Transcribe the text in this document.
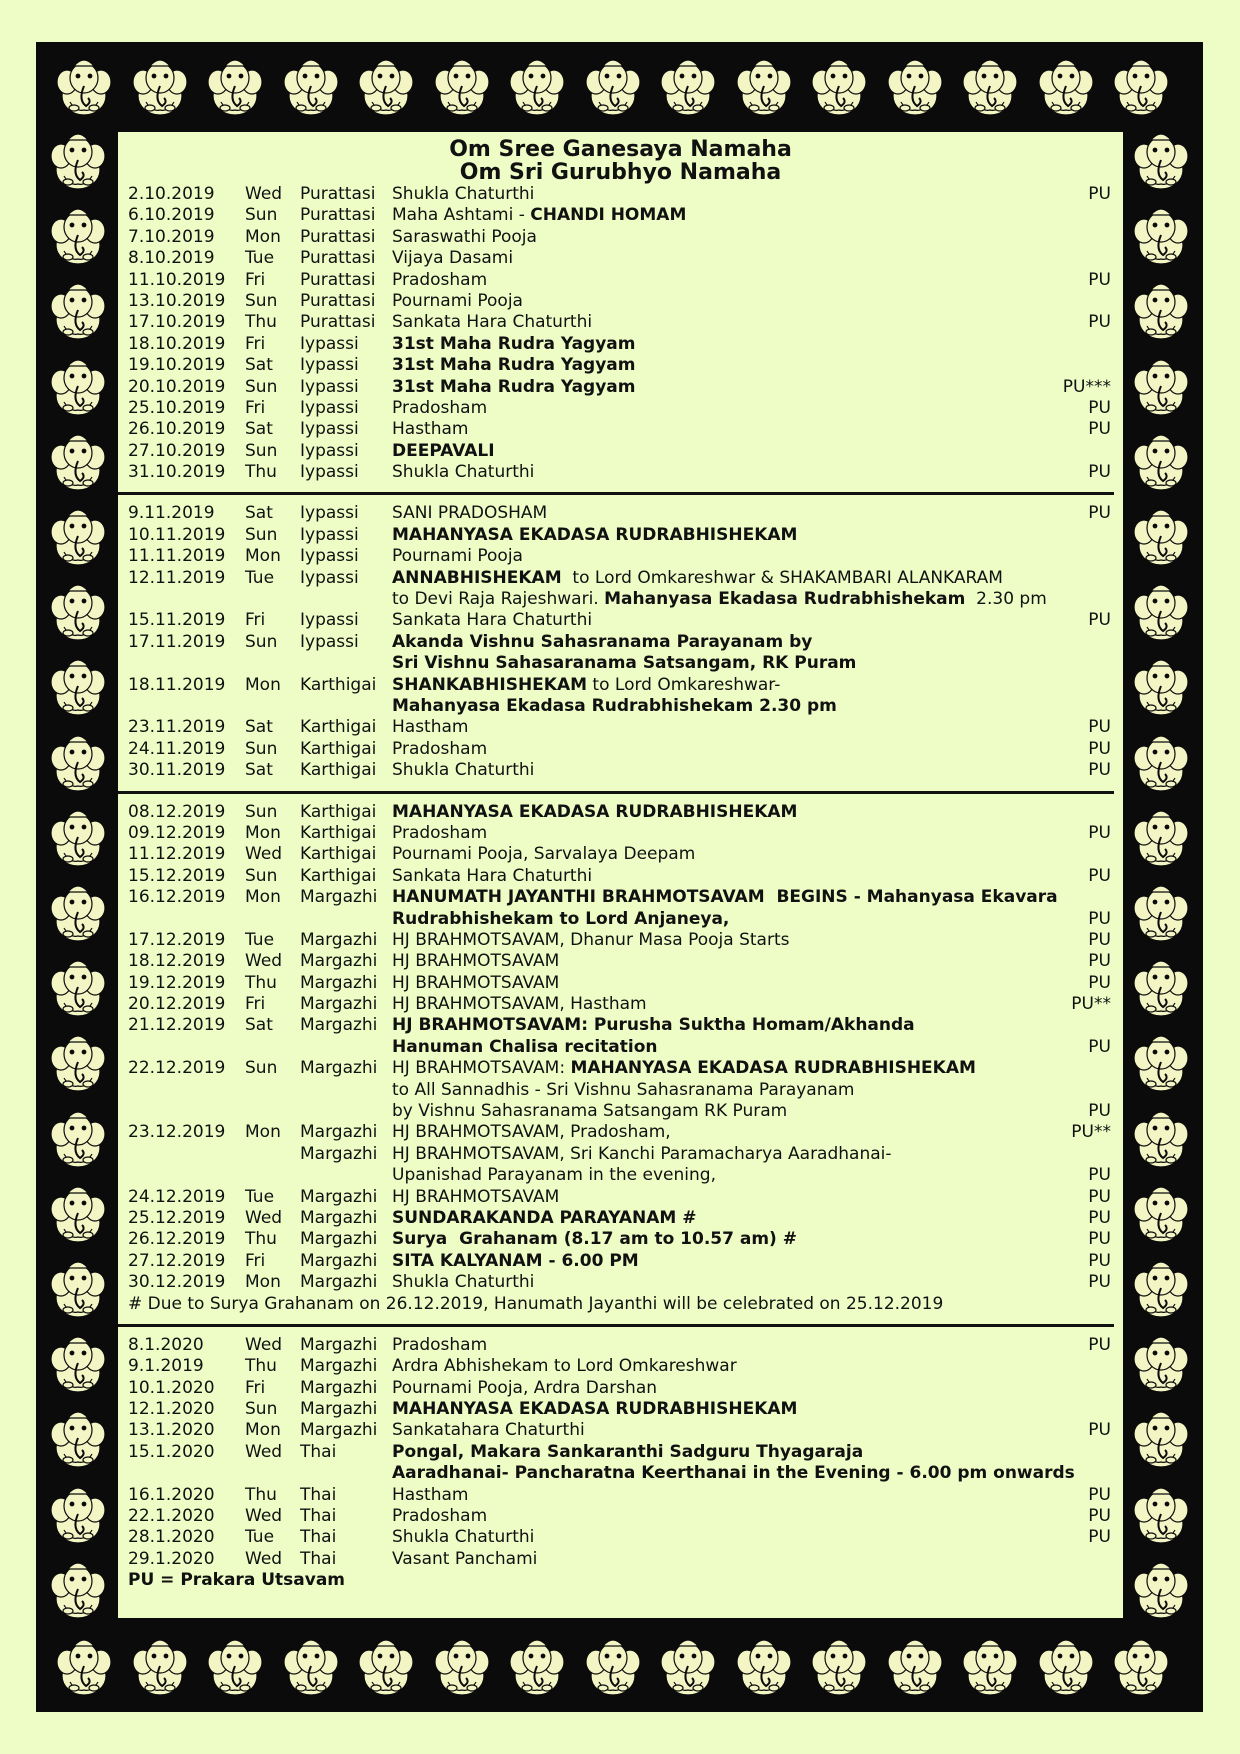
Om Sree Ganesaya Namaha
Om Sri Gurubhyo Namaha
2.10.2019 Wed Purattasi Shukla Chaturthi	PU
6.10.2019 Sun Purattasi Maha Ashtami - CHANDI HOMAM
7.10.2019 Mon Purattasi Saraswathi Pooja
8.10.2019 Tue Purattasi Vijaya Dasami
11.10.2019 Fri Purattasi Pradosham	PU
13.10.2019 Sun Purattasi Pournami Pooja
17.10.2019 Thu Purattasi Sankata Hara Chaturthi	PU
18.10.2019 Fri Iypassi 31st Maha Rudra Yagyam
19.10.2019 Sat Iypassi 31st Maha Rudra Yagyam
20.10.2019 Sun Iypassi 31st Maha Rudra Yagyam	PU***
25.10.2019 Fri Iypassi Pradosham	PU
26.10.2019 Sat Iypassi Hastham	PU
27.10.2019 Sun Iypassi DEEPAVALI
31.10.2019 Thu Iypassi Shukla Chaturthi	PU
9.11.2019 Sat Iypassi SANI PRADOSHAM	PU
10.11.2019 Sun Iypassi MAHANYASA EKADASA RUDRABHISHEKAM
11.11.2019 Mon Iypassi Pournami Pooja
12.11.2019 Tue Iypassi ANNABHISHEKAM  to Lord Omkareshwar & SHAKAMBARI ALANKARAM
to Devi Raja Rajeshwari. Mahanyasa Ekadasa Rudrabhishekam  2.30 pm
15.11.2019 Fri Iypassi Sankata Hara Chaturthi	PU
17.11.2019 Sun Iypassi Akanda Vishnu Sahasranama Parayanam by
Sri Vishnu Sahasaranama Satsangam, RK Puram
18.11.2019 Mon Karthigai SHANKABHISHEKAM to Lord Omkareshwar-
Mahanyasa Ekadasa Rudrabhishekam 2.30 pm
23.11.2019 Sat Karthigai Hastham	PU
24.11.2019 Sun Karthigai Pradosham	PU
30.11.2019 Sat Karthigai Shukla Chaturthi	PU
08.12.2019 Sun Karthigai MAHANYASA EKADASA RUDRABHISHEKAM
09.12.2019 Mon Karthigai Pradosham	PU
11.12.2019 Wed Karthigai Pournami Pooja, Sarvalaya Deepam
15.12.2019 Sun Karthigai Sankata Hara Chaturthi	PU
16.12.2019 Mon Margazhi HANUMATH JAYANTHI BRAHMOTSAVAM  BEGINS - Mahanyasa Ekavara
Rudrabhishekam to Lord Anjaneya,	PU
17.12.2019 Tue Margazhi HJ BRAHMOTSAVAM, Dhanur Masa Pooja Starts	PU
18.12.2019 Wed Margazhi HJ BRAHMOTSAVAM	PU
19.12.2019 Thu Margazhi HJ BRAHMOTSAVAM	PU
20.12.2019 Fri Margazhi HJ BRAHMOTSAVAM, Hastham	PU**
21.12.2019 Sat Margazhi HJ BRAHMOTSAVAM: Purusha Suktha Homam/Akhanda
Hanuman Chalisa recitation	PU
22.12.2019 Sun Margazhi HJ BRAHMOTSAVAM: MAHANYASA EKADASA RUDRABHISHEKAM
to All Sannadhis - Sri Vishnu Sahasranama Parayanam
by Vishnu Sahasranama Satsangam RK Puram	PU
23.12.2019 Mon Margazhi HJ BRAHMOTSAVAM, Pradosham,	PU**
Margazhi HJ BRAHMOTSAVAM, Sri Kanchi Paramacharya Aaradhanai-
Upanishad Parayanam in the evening,	PU
24.12.2019 Tue Margazhi HJ BRAHMOTSAVAM	PU
25.12.2019 Wed Margazhi SUNDARAKANDA PARAYANAM #	PU
26.12.2019 Thu Margazhi Surya  Grahanam (8.17 am to 10.57 am) #	PU
27.12.2019 Fri Margazhi SITA KALYANAM - 6.00 PM	PU
30.12.2019 Mon Margazhi Shukla Chaturthi	PU
# Due to Surya Grahanam on 26.12.2019, Hanumath Jayanthi will be celebrated on 25.12.2019
8.1.2020 Wed Margazhi Pradosham	PU
9.1.2019 Thu Margazhi Ardra Abhishekam to Lord Omkareshwar
10.1.2020 Fri Margazhi Pournami Pooja, Ardra Darshan
12.1.2020 Sun Margazhi MAHANYASA EKADASA RUDRABHISHEKAM
13.1.2020 Mon Margazhi Sankatahara Chaturthi	PU
15.1.2020 Wed Thai	Pongal, Makara Sankaranthi Sadguru Thyagaraja
Aaradhanai- Pancharatna Keerthanai in the Evening - 6.00 pm onwards
16.1.2020 Thu Thai	Hastham	PU
22.1.2020 Wed Thai	Pradosham	PU
28.1.2020 Tue Thai	Shukla Chaturthi	PU
29.1.2020 Wed Thai	Vasant Panchami
PU = Prakara Utsavam
